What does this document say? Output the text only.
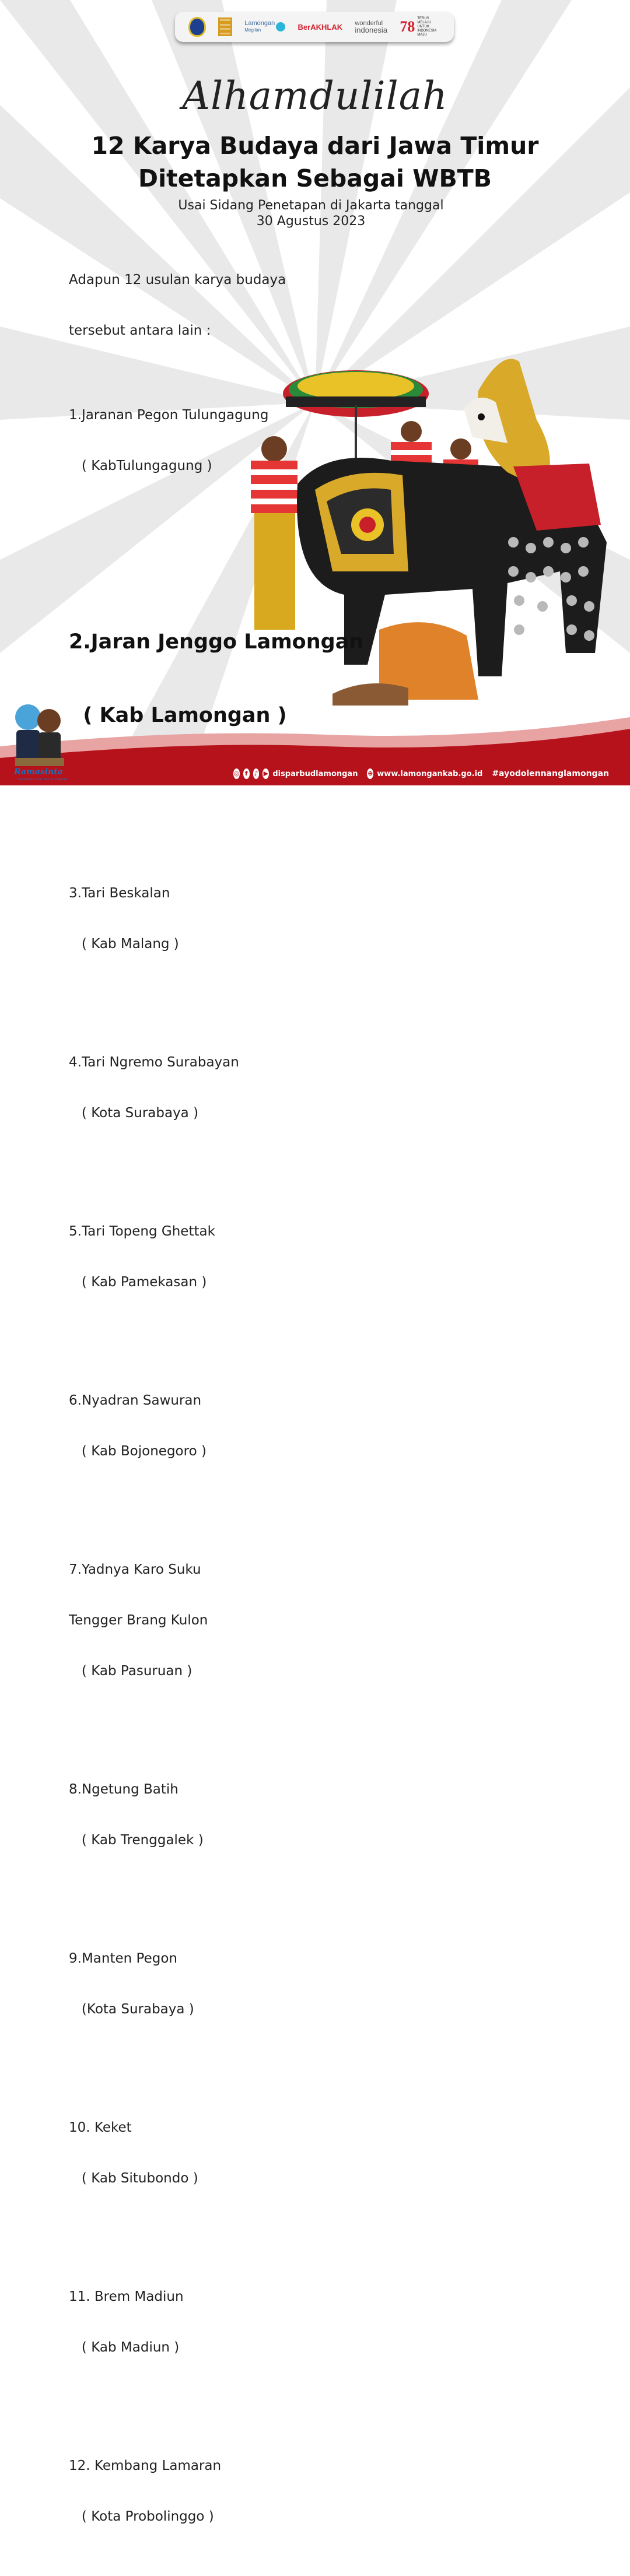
Lamongan
Megilan	BerAKHLAK wonderful
indonesia 78 TERUS MELAJU UNTUK INDONESIA MAJU
Alhamdulilah
12 Karya Budaya dari Jawa Timur
Ditetapkan Sebagai WBTB
Usai Sidang Penetapan di Jakarta tanggal
30 Agustus 2023

Adapun 12 usulan karya budaya

tersebut antara lain :

1.Jaranan Pegon Tulungagung

( KabTulungagung )

2.Jaran Jenggo Lamongan

( Kab Lamongan )

3.Tari Beskalan

( Kab Malang )

4.Tari Ngremo Surabayan

( Kota Surabaya )

5.Tari Topeng Ghettak

( Kab Pamekasan )

6.Nyadran Sawuran

( Kab Bojonegoro )

7.Yadnya Karo Suku

Tengger Brang Kulon

( Kab Pasuruan )

8.Ngetung Batih

( Kab Trenggalek )

9.Manten Pegon

(Kota Surabaya )

10. Keket

( Kab Situbondo )

11. Brem Madiun

( Kab Madiun )

12. Kembang Lamaran

( Kota Probolinggo )

Ramasinta
Pemelaha Ramah dan Terintegrasi
◎ f ♪ ▶ disparbudlamongan ⊕ www.lamongankab.go.id #ayodolennanglamongan
